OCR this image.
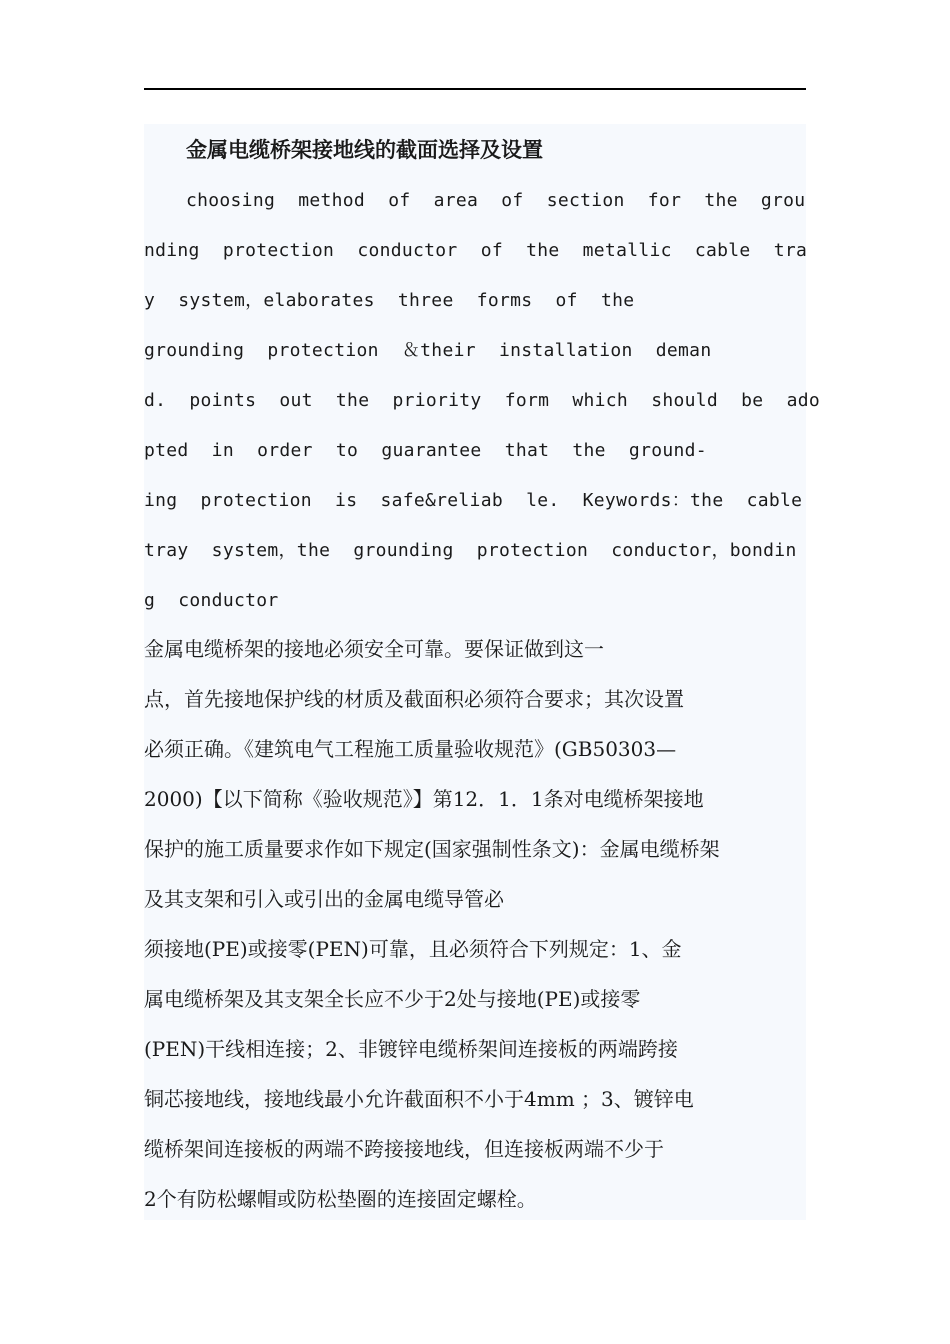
金属电缆桥架接地线的截面选择及设置
choosing method of area of section for the grou
nding protection conductor of the metallic cable tra
y system，elaborates three forms of the
grounding protection ＆their installation deman
d. points out the priority form which should be ado
pted in order to guarantee that the ground-
ing protection is safe&reliab le. Keywords：the cable
tray system，the grounding protection conductor，bondin
g conductor
金属电缆桥架的接地必须安全可靠。要保证做到这一
点，首先接地保护线的材质及截面积必须符合要求；其次设置
必须正确。《建筑电气工程施工质量验收规范》(GB50303—
2000)【以下简称《验收规范》】第12．1．1条对电缆桥架接地
保护的施工质量要求作如下规定(国家强制性条文)：金属电缆桥架
及其支架和引入或引出的金属电缆导管必
须接地(PE)或接零(PEN)可靠，且必须符合下列规定：1、金
属电缆桥架及其支架全长应不少于2处与接地(PE)或接零
(PEN)干线相连接；2、非镀锌电缆桥架间连接板的两端跨接
铜芯接地线，接地线最小允许截面积不小于4mm ；3、镀锌电
缆桥架间连接板的两端不跨接接地线，但连接板两端不少于
2个有防松螺帽或防松垫圈的连接固定螺栓。
